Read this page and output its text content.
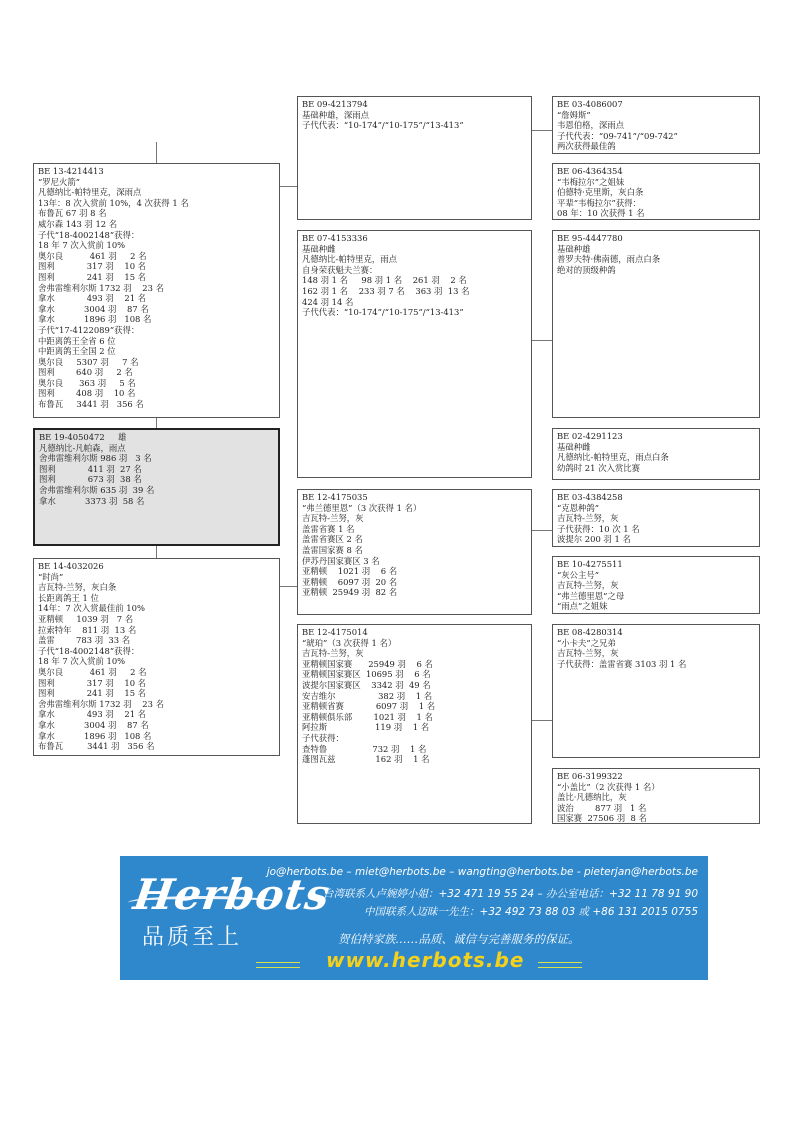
BE 13-4214413
“罗尼火箭”
凡德纳比-帕特里克，深雨点
13年：8 次入赏前 10%，4 次获得 1 名
布鲁瓦 67 羽 8 名
威尔森 143 羽 12 名
子代“18-4002148”获得：
18 年 7 次入赏前 10%
奥尔良          461 羽     2 名
图利            317 羽    10 名
图利            241 羽    15 名
舍弗雷维利尔斯 1732 羽    23 名
拿水            493 羽    21 名
拿水           3004 羽    87 名
拿水           1896 羽   108 名
子代“17-4122089”获得：
中距离鸽王全省 6 位
中距离鸽王全国 2 位
奥尔良     5307 羽     7 名
图利        640 羽     2 名
奥尔良      363 羽     5 名
图利        408 羽    10 名
布鲁瓦     3441 羽   356 名
BE 19-4050472     雄
凡德纳比-凡帕森，雨点
舍弗雷维利尔斯 986 羽   3 名
图利            411 羽  27 名
图利            673 羽  38 名
舍弗雷维利尔斯 635 羽  39 名
拿水           3373 羽  58 名
BE 14-4032026
“时尚”
吉瓦特-兰努，灰白条
长距离鸽王 1 位
14年：7 次入赏最佳前 10%
亚精顿     1039 羽   7 名
拉索特年    811 羽  13 名
盖雷        783 羽  33 名
子代“18-4002148”获得：
18 年 7 次入赏前 10%
奥尔良          461 羽     2 名
图利            317 羽    10 名
图利            241 羽    15 名
舍弗雷维利尔斯 1732 羽    23 名
拿水            493 羽    21 名
拿水           3004 羽    87 名
拿水           1896 羽   108 名
布鲁瓦         3441 羽   356 名
BE 09-4213794
基础种雄，深雨点
子代代表：“10-174”/“10-175”/“13-413”
BE 07-4153336
基础种雌
凡德纳比-帕特里克，雨点
自身荣获魁夫兰赛：
148 羽 1 名     98 羽 1 名    261 羽    2 名
162 羽 1 名    233 羽 7 名    363 羽  13 名
424 羽 14 名
子代代表：“10-174”/“10-175”/“13-413”
BE 12-4175035
“弗兰德里恩”（3 次获得 1 名）
吉瓦特-兰努，灰
盖雷省赛 1 名
盖雷省赛区 2 名
盖雷国家赛 8 名
伊苏丹国家赛区 3 名
亚精顿    1021 羽    6 名
亚精顿    6097 羽  20 名
亚精顿  25949 羽  82 名
BE 12-4175014
“琥珀”（3 次获得 1 名）
吉瓦特-兰努，灰
亚精顿国家赛      25949 羽    6 名
亚精顿国家赛区  10695 羽    6 名
波提尔国家赛区    3342 羽  49 名
安吉维尔                382 羽    1 名
亚精顿省赛            6097 羽    1 名
亚精顿俱乐部        1021 羽    1 名
阿拉斯                  119 羽    1 名
子代获得：
查特鲁                 732 羽    1 名
蓬图瓦兹               162 羽    1 名
BE 03-4086007
“詹姆斯”
韦恩伯格，深雨点
子代代表：“09-741”/“09-742”
两次获得最佳鸽
BE 06-4364354
“韦梅拉尔”之姐妹
伯德特·克里斯，灰白条
平辈“韦梅拉尔”获得：
08 年：10 次获得 1 名
BE 95-4447780
基础种雄
普罗夫特·佛南德，雨点白条
绝对的顶级种鸽
BE 02-4291123
基础种雌
凡德纳比-帕特里克，雨点白条
幼鸽时 21 次入赏比赛
BE 03-4384258
“克恩种鸽”
吉瓦特-兰努，灰
子代获得：10 次 1 名
波提尔 200 羽 1 名
BE 10-4275511
“灰公主号”
吉瓦特-兰努，灰
“弗兰德里恩”之母
“雨点”之姐妹
BE 08-4280314
“小卡夫”之兄弟
吉瓦特-兰努，灰
子代获得：盖雷省赛 3103 羽 1 名
BE 06-3199322
“小盖比”（2 次获得 1 名）
盖比·凡德纳比，灰
波治        877 羽   1 名
国家赛  27506 羽  8 名
Herbots
品质至上
jo@herbots.be – miet@herbots.be – wangting@herbots.be - pieterjan@herbots.be
台湾联系人卢婉婷小姐：+32 471 19 55 24 – 办公室电话：+32 11 78 91 90
中国联系人迈昧一先生：+32 492 73 88 03 或 +86 131 2015 0755
贺伯特家族……品质、诚信与完善服务的保证。
www.herbots.be
